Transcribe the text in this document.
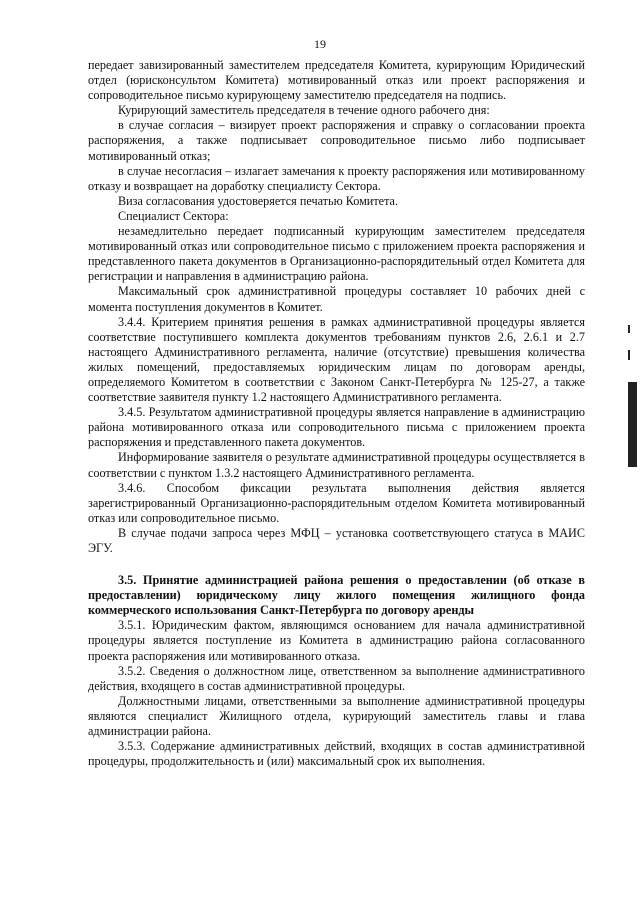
19

передает завизированный заместителем председателя Комитета, курирующим Юридический отдел (юрисконсультом Комитета) мотивированный отказ или проект распоряжения и сопроводительное письмо курирующему заместителю председателя на подпись.

Курирующий заместитель председателя в течение одного рабочего дня:

в случае согласия – визирует проект распоряжения и справку о согласовании проекта распоряжения, а также подписывает сопроводительное письмо либо подписывает мотивированный отказ;

в случае несогласия – излагает замечания к проекту распоряжения или мотивированному отказу и возвращает на доработку специалисту Сектора.

Виза согласования удостоверяется печатью Комитета.

Специалист Сектора:

незамедлительно передает подписанный курирующим заместителем председателя мотивированный отказ или сопроводительное письмо с приложением проекта распоряжения и представленного пакета документов в Организационно-распорядительный отдел Комитета для регистрации и направления в администрацию района.

Максимальный срок административной процедуры составляет 10 рабочих дней с момента поступления документов в Комитет.

3.4.4. Критерием принятия решения в рамках административной процедуры является соответствие поступившего комплекта документов требованиям пунктов 2.6, 2.6.1 и 2.7 настоящего Административного регламента, наличие (отсутствие) превышения количества жилых помещений, предоставляемых юридическим лицам по договорам аренды, определяемого Комитетом в соответствии с Законом Санкт-Петербурга № 125-27, а также соответствие заявителя пункту 1.2 настоящего Административного регламента.

3.4.5. Результатом административной процедуры является направление в администрацию района мотивированного отказа или сопроводительного письма с приложением проекта распоряжения и представленного пакета документов.

Информирование заявителя о результате административной процедуры осуществляется в соответствии с пунктом 1.3.2 настоящего Административного регламента.

3.4.6. Способом фиксации результата выполнения действия является зарегистрированный Организационно-распорядительным отделом Комитета мотивированный отказ или сопроводительное письмо.

В случае подачи запроса через МФЦ – установка соответствующего статуса в МАИС ЭГУ.

3.5. Принятие администрацией района решения о предоставлении (об отказе в предоставлении) юридическому лицу жилого помещения жилищного фонда коммерческого использования Санкт-Петербурга по договору аренды

3.5.1. Юридическим фактом, являющимся основанием для начала административной процедуры является поступление из Комитета в администрацию района согласованного проекта распоряжения или мотивированного отказа.

3.5.2. Сведения о должностном лице, ответственном за выполнение административного действия, входящего в состав административной процедуры.

Должностными лицами, ответственными за выполнение административной процедуры являются специалист Жилищного отдела, курирующий заместитель главы и глава администрации района.

3.5.3. Содержание административных действий, входящих в состав административной процедуры, продолжительность и (или) максимальный срок их выполнения.
